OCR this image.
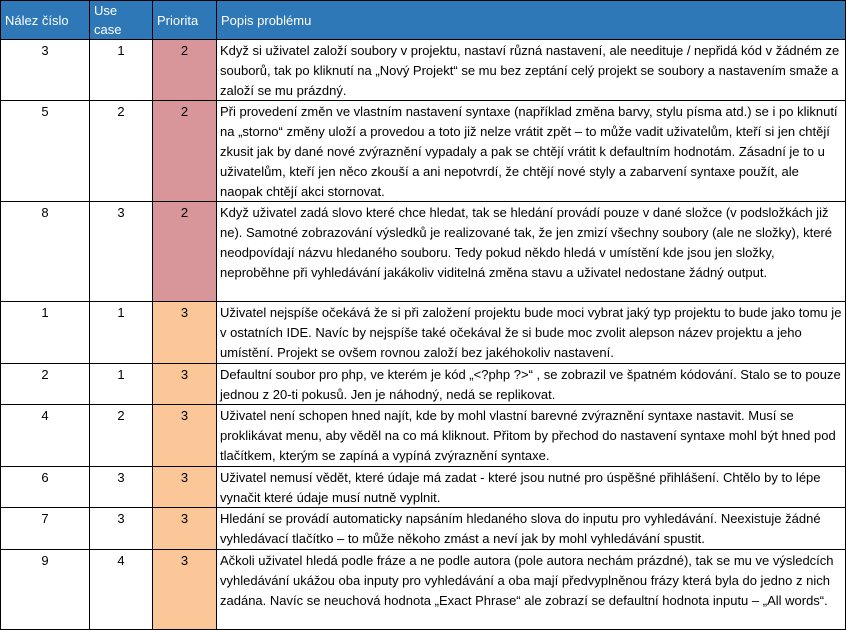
Nález číslo	Use case	Priorita	Popis problému
3	1	2	Když si uživatel založí soubory v projektu, nastaví různá nastavení, ale needituje / nepřidá kód v žádném ze souborů, tak po kliknutí na „Nový Projekt“ se mu bez zeptání celý projekt se soubory a nastavením smaže a založí se mu prázdný.
5	2	2	Při provedení změn ve vlastním nastavení syntaxe (například změna barvy, stylu písma atd.) se i po kliknutí na „storno“ změny uloží a provedou a toto již nelze vrátit zpět – to může vadit uživatelům, kteří si jen chtějí zkusit jak by dané nové zvýraznění vypadaly a pak se chtějí vrátit k defaultním hodnotám. Zásadní je to u uživatelům, kteří jen něco zkouší a ani nepotvrdí, že chtějí nové styly a zabarvení syntaxe použít, ale naopak chtějí akci stornovat.
8	3	2	Když uživatel zadá slovo které chce hledat, tak se hledání provádí pouze v dané složce (v podsložkách již ne). Samotné zobrazování výsledků je realizované tak, že jen zmizí všechny soubory (ale ne složky), které neodpovídají názvu hledaného souboru. Tedy pokud někdo hledá v umístění kde jsou jen složky, neproběhne při vyhledávání jakákoliv viditelná změna stavu a uživatel nedostane žádný output.
1	1	3	Uživatel nejspíše očekává že si při založení projektu bude moci vybrat jaký typ projektu to bude jako tomu je v ostatních IDE. Navíc by nejspíše také očekával že si bude moc zvolit alepson název projektu a jeho umístění. Projekt se ovšem rovnou založí bez jakéhokoliv nastavení.
2	1	3	Defaultní soubor pro php, ve kterém je kód „<?php ?>“ , se zobrazil ve špatném kódování. Stalo se to pouze jednou z 20-ti pokusů. Jen je náhodný, nedá se replikovat.
4	2	3	Uživatel není schopen hned najít, kde by mohl vlastní barevné zvýraznění syntaxe nastavit. Musí se proklikávat menu, aby věděl na co má kliknout. Přitom by přechod do nastavení syntaxe mohl být hned pod tlačítkem, kterým se zapíná a vypíná zvýraznění syntaxe.
6	3	3	Uživatel nemusí vědět, které údaje má zadat - které jsou nutné pro úspěšné přihlášení. Chtělo by to lépe vynačit které údaje musí nutně vyplnit.
7	3	3	Hledání se provádí automaticky napsáním hledaného slova do inputu pro vyhledávání. Neexistuje žádné vyhledávací tlačítko – to může někoho zmást a neví jak by mohl vyhledávání spustit.
9	4	3	Ačkoli uživatel hledá podle fráze a ne podle autora (pole autora nechám prázdné), tak se mu ve výsledcích vyhledávání ukážou oba inputy pro vyhledávání a oba mají předvyplněnou frázy která byla do jedno z nich zadána. Navíc se neuchová hodnota „Exact Phrase“ ale zobrazí se defaultní hodnota inputu – „All words“.
